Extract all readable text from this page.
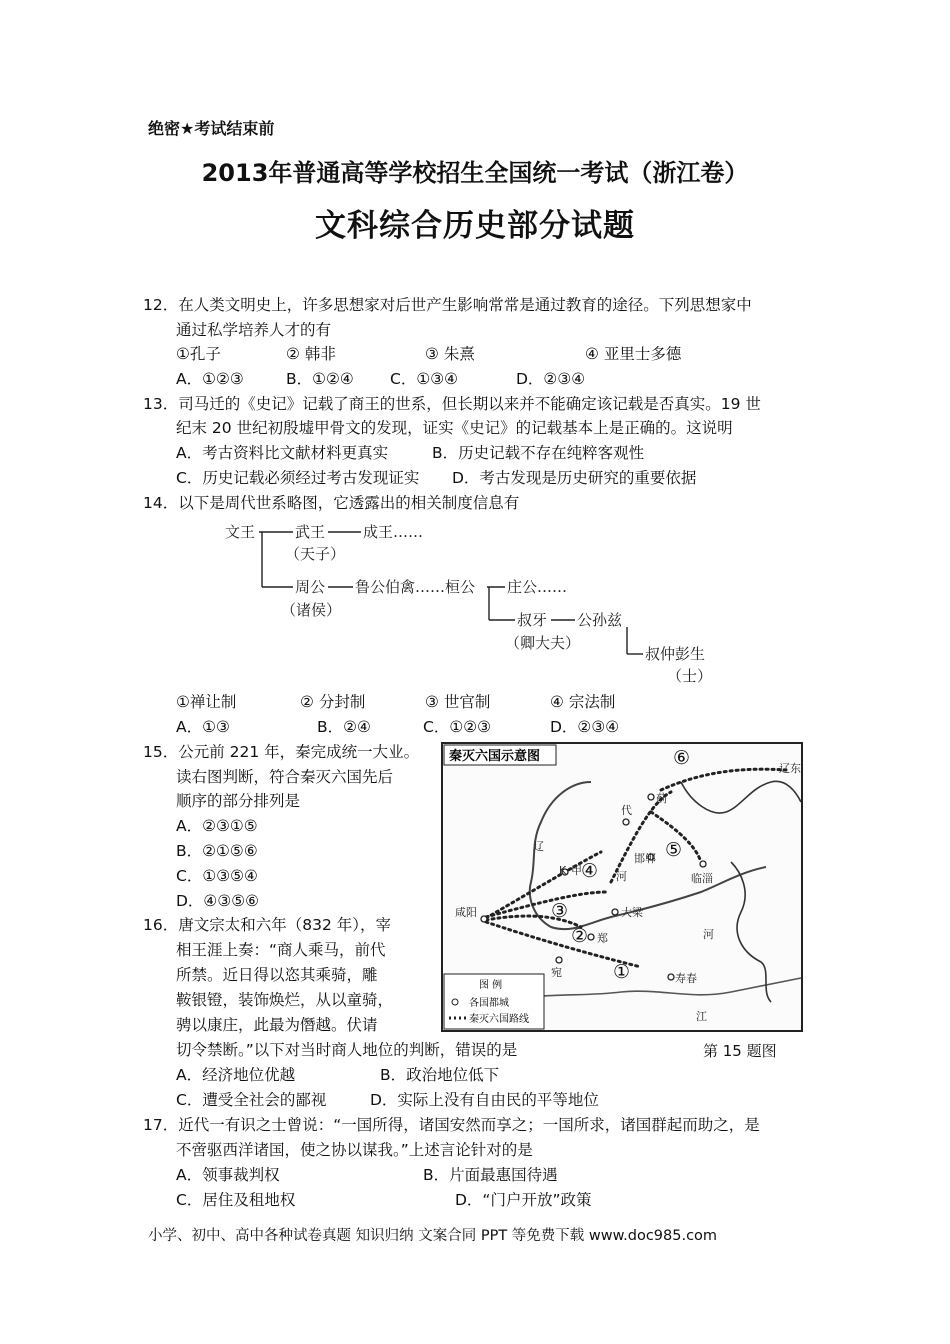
绝密★考试结束前
2013年普通高等学校招生全国统一考试（浙江卷）
文科综合历史部分试题
12．在人类文明史上，许多思想家对后世产生影响常常是通过教育的途径。下列思想家中
通过私学培养人才的有
①孔子	② 韩非	③ 朱熹	④ 亚里士多德
A．①②③	B．①②④ C．①③④	D．②③④
13．司马迁的《史记》记载了商王的世系，但长期以来并不能确定该记载是否真实。19 世
纪末 20 世纪初殷墟甲骨文的发现，证实《史记》的记载基本上是正确的。这说明
A．考古资料比文献材料更真实	B．历史记载不存在纯粹客观性
C．历史记载必须经过考古发现证实 D．考古发现是历史研究的重要依据
14．以下是周代世系略图，它透露出的相关制度信息有
文王	武王	成王……
（天子）
周公
（诸侯）
鲁公伯禽……桓公 庄公……
叔牙 公孙兹
（卿大夫）
叔仲彭生
（士）
①禅让制	② 分封制	③ 世官制	④ 宗法制
A．①③	B．②④	C．①②③	D．②③④
15．公元前 221 年，秦完成统一大业。
读右图判断，符合秦灭六国先后
顺序的部分排列是
A．②③①⑤
B．②①⑤⑥
C．①③⑤④
D．④③⑤⑥
秦灭六国示意图
代
蓟
邯郸
临淄
咸阳	大梁
郑
宛	寿春
辽东
河
江
K 甲
辽
河
①
②
③
④
⑤
⑥
图 例
各国都城
秦灭六国路线
第 15 题图
16．唐文宗太和六年（832 年），宰
相王涯上奏：“商人乘马，前代
所禁。近日得以恣其乘骑，雕
鞍银镫，装饰焕烂，从以童骑，
骋以康庄，此最为僭越。伏请
切令禁断。”以下对当时商人地位的判断，错误的是
A．经济地位优越	B．政治地位低下
C．遭受全社会的鄙视	D．实际上没有自由民的平等地位
17．近代一有识之士曾说：“一国所得，诸国安然而享之；一国所求，诸国群起而助之，是
不啻驱西洋诸国，使之协以谋我。”上述言论针对的是
A．领事裁判权	B．片面最惠国待遇
C．居住及租地权	D．“门户开放”政策
小学、初中、高中各种试卷真题 知识归纳 文案合同 PPT 等免费下载 www.doc985.com
